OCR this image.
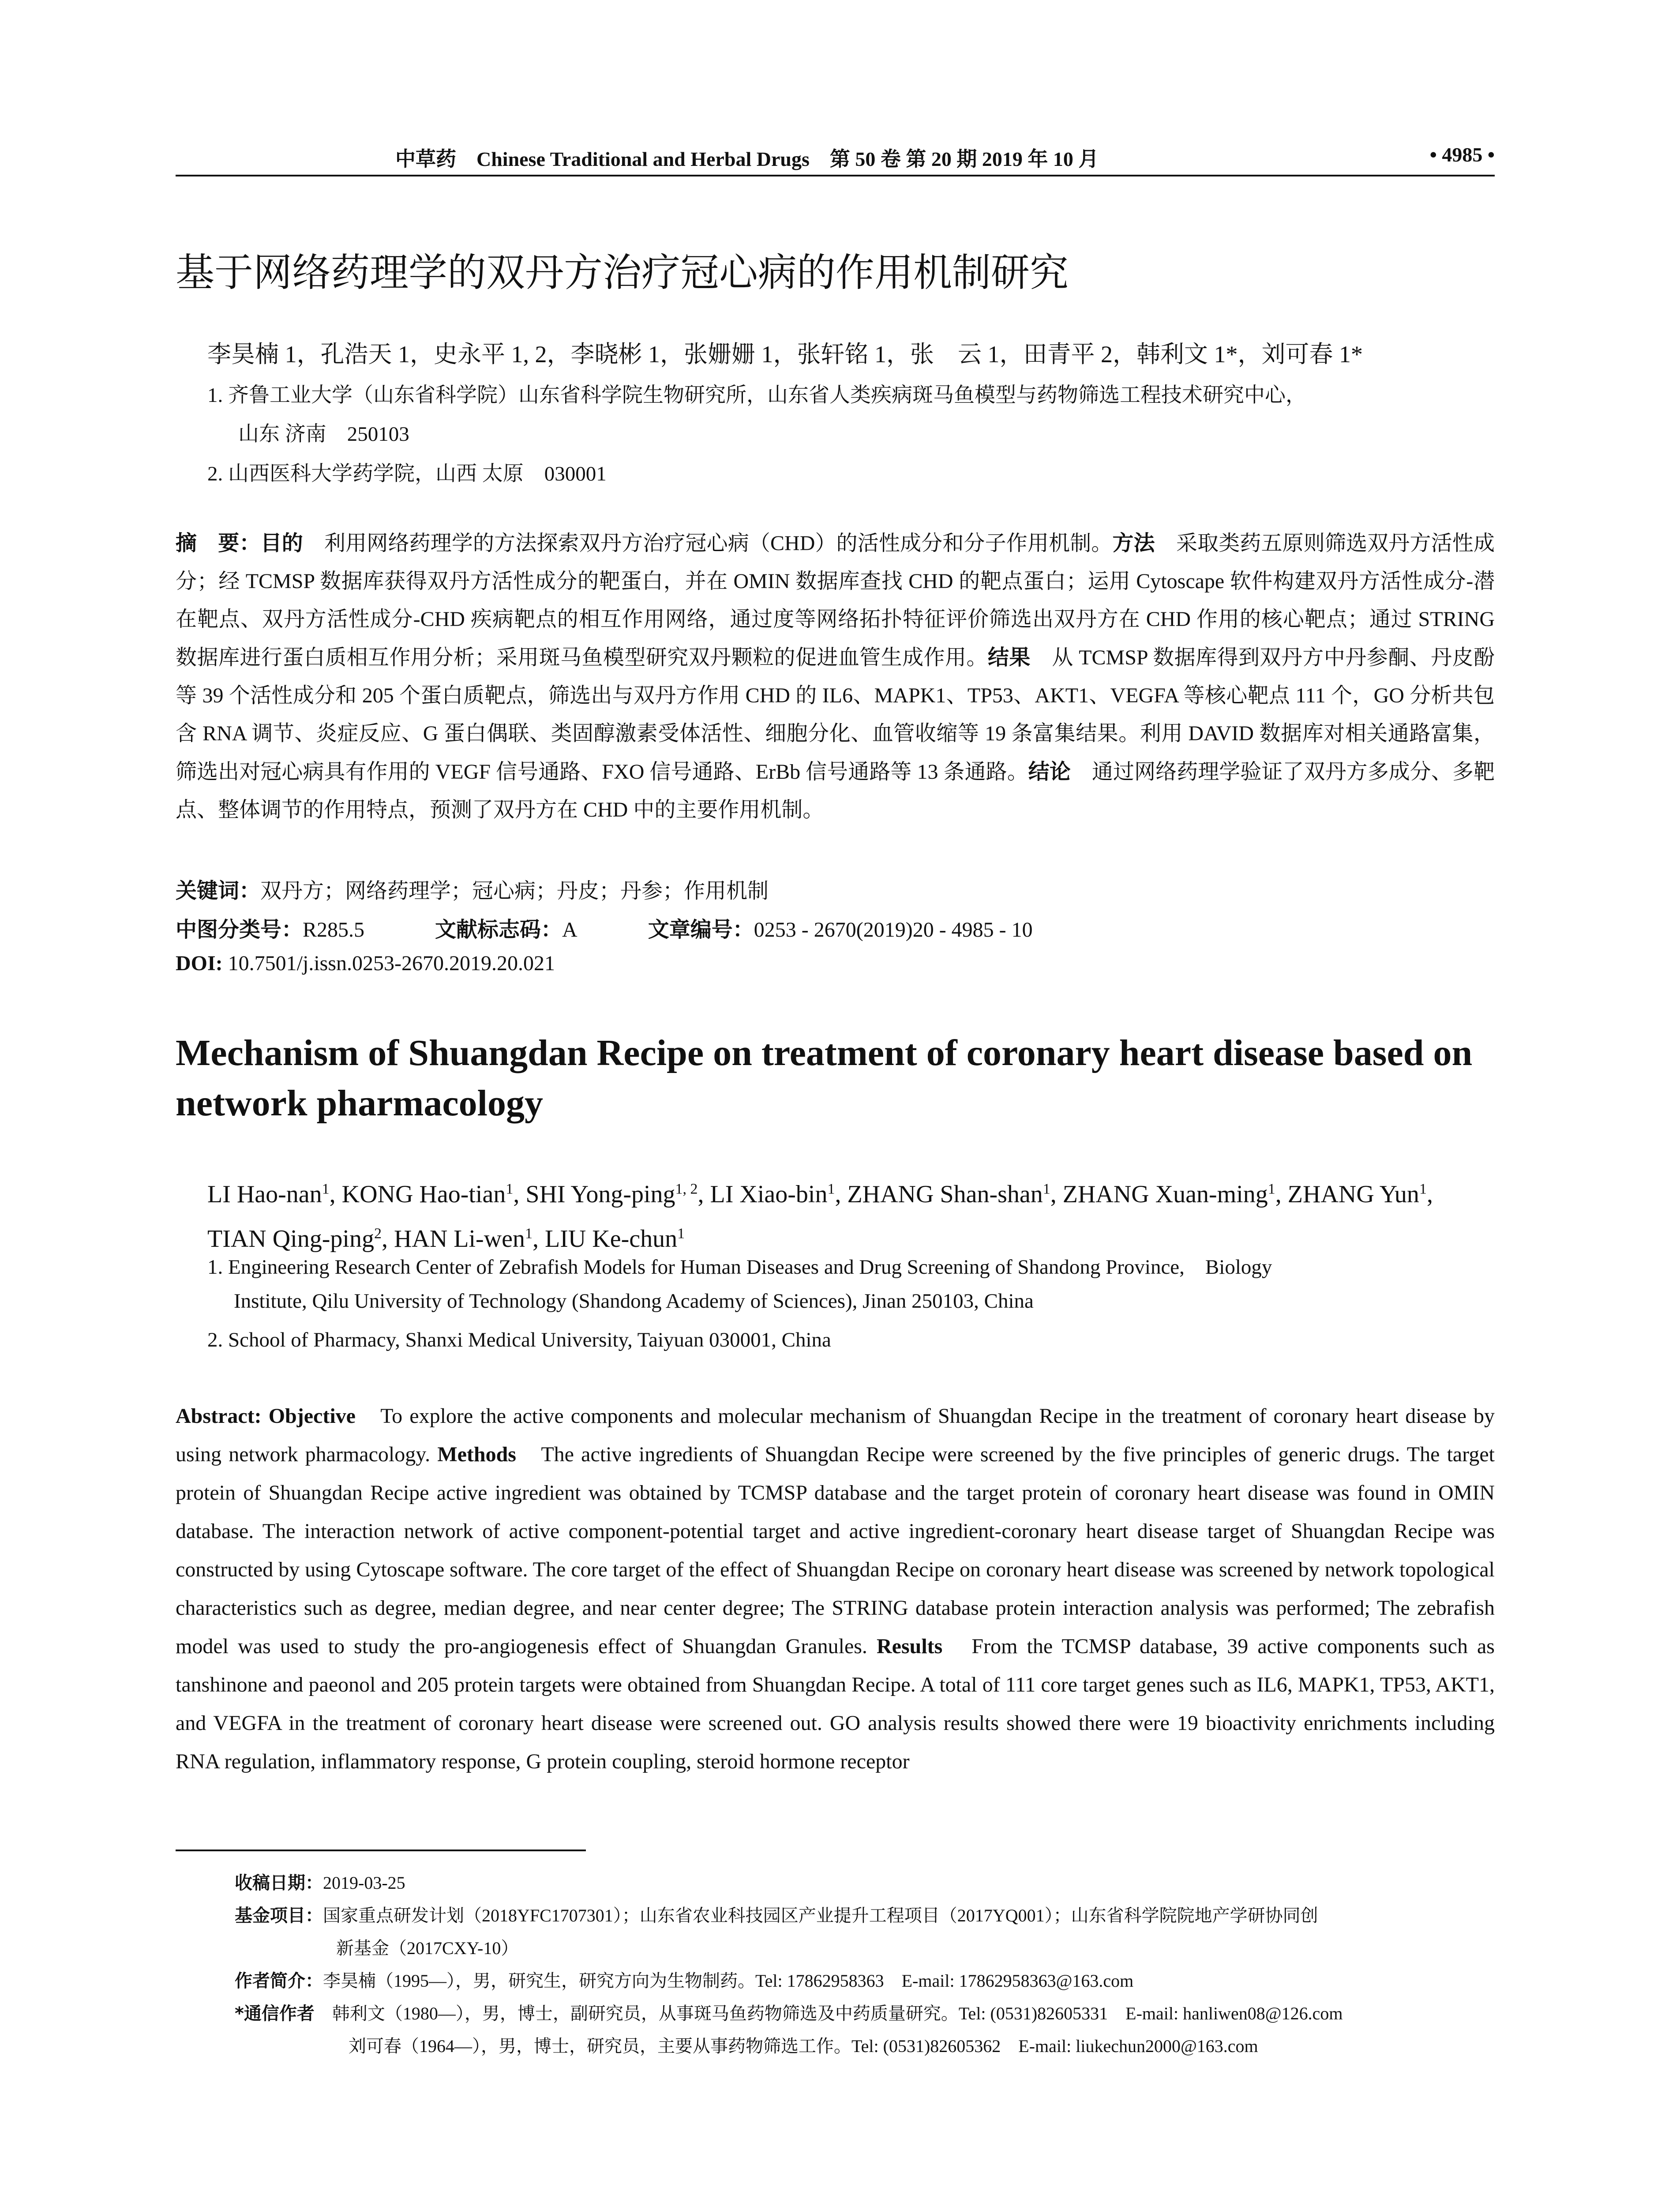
中草药　Chinese Traditional and Herbal Drugs　第 50 卷 第 20 期 2019 年 10 月	• 4985 •
基于网络药理学的双丹方治疗冠心病的作用机制研究
李昊楠 1，孔浩天 1，史永平 1, 2，李晓彬 1，张姗姗 1，张轩铭 1，张　云 1，田青平 2，韩利文 1*，刘可春 1*
1. 齐鲁工业大学（山东省科学院）山东省科学院生物研究所，山东省人类疾病斑马鱼模型与药物筛选工程技术研究中心，
山东 济南　250103
2. 山西医科大学药学院，山西 太原　030001
摘　要：目的　利用网络药理学的方法探索双丹方治疗冠心病（CHD）的活性成分和分子作用机制。方法　采取类药五原则筛选双丹方活性成分；经 TCMSP 数据库获得双丹方活性成分的靶蛋白，并在 OMIN 数据库查找 CHD 的靶点蛋白；运用 Cytoscape 软件构建双丹方活性成分-潜在靶点、双丹方活性成分-CHD 疾病靶点的相互作用网络，通过度等网络拓扑特征评价筛选出双丹方在 CHD 作用的核心靶点；通过 STRING 数据库进行蛋白质相互作用分析；采用斑马鱼模型研究双丹颗粒的促进血管生成作用。结果　从 TCMSP 数据库得到双丹方中丹参酮、丹皮酚等 39 个活性成分和 205 个蛋白质靶点，筛选出与双丹方作用 CHD 的 IL6、MAPK1、TP53、AKT1、VEGFA 等核心靶点 111 个，GO 分析共包含 RNA 调节、炎症反应、G 蛋白偶联、类固醇激素受体活性、细胞分化、血管收缩等 19 条富集结果。利用 DAVID 数据库对相关通路富集，筛选出对冠心病具有作用的 VEGF 信号通路、FXO 信号通路、ErBb 信号通路等 13 条通路。结论　通过网络药理学验证了双丹方多成分、多靶点、整体调节的作用特点，预测了双丹方在 CHD 中的主要作用机制。
关键词：双丹方；网络药理学；冠心病；丹皮；丹参；作用机制
中图分类号：R285.5	文献标志码：A	文章编号：0253 - 2670(2019)20 - 4985 - 10
DOI: 10.7501/j.issn.0253-2670.2019.20.021
Mechanism of Shuangdan Recipe on treatment of coronary heart disease based on network pharmacology
LI Hao-nan$^1$, KONG Hao-tian$^1$, SHI Yong-ping$^{1, 2}$, LI Xiao-bin$^1$, ZHANG Shan-shan$^1$, ZHANG Xuan-ming$^1$, ZHANG Yun$^1$, TIAN Qing-ping$^2$, HAN Li-wen$^1$, LIU Ke-chun$^1$
1. Engineering Research Center of Zebrafish Models for Human Diseases and Drug Screening of Shandong Province,　Biology
Institute, Qilu University of Technology (Shandong Academy of Sciences), Jinan 250103, China
2. School of Pharmacy, Shanxi Medical University, Taiyuan 030001, China
Abstract: Objective　To explore the active components and molecular mechanism of Shuangdan Recipe in the treatment of coronary heart disease by using network pharmacology. Methods　The active ingredients of Shuangdan Recipe were screened by the five principles of generic drugs. The target protein of Shuangdan Recipe active ingredient was obtained by TCMSP database and the target protein of coronary heart disease was found in OMIN database. The interaction network of active component-potential target and active ingredient-coronary heart disease target of Shuangdan Recipe was constructed by using Cytoscape software. The core target of the effect of Shuangdan Recipe on coronary heart disease was screened by network topological characteristics such as degree, median degree, and near center degree; The STRING database protein interaction analysis was performed; The zebrafish model was used to study the pro-angiogenesis effect of Shuangdan Granules. Results　From the TCMSP database, 39 active components such as tanshinone and paeonol and 205 protein targets were obtained from Shuangdan Recipe. A total of 111 core target genes such as IL6, MAPK1, TP53, AKT1, and VEGFA in the treatment of coronary heart disease were screened out. GO analysis results showed there were 19 bioactivity enrichments including RNA regulation, inflammatory response, G protein coupling, steroid hormone receptor
收稿日期：2019-03-25
基金项目：国家重点研发计划（2018YFC1707301）；山东省农业科技园区产业提升工程项目（2017YQ001）；山东省科学院院地产学研协同创
新基金（2017CXY-10）
作者简介：李昊楠（1995—），男，研究生，研究方向为生物制药。Tel: 17862958363　E-mail: 17862958363@163.com
*通信作者 韩利文（1980—），男，博士，副研究员，从事斑马鱼药物筛选及中药质量研究。Tel: (0531)82605331　E-mail: hanliwen08@126.com
刘可春（1964—），男，博士，研究员，主要从事药物筛选工作。Tel: (0531)82605362　E-mail: liukechun2000@163.com
